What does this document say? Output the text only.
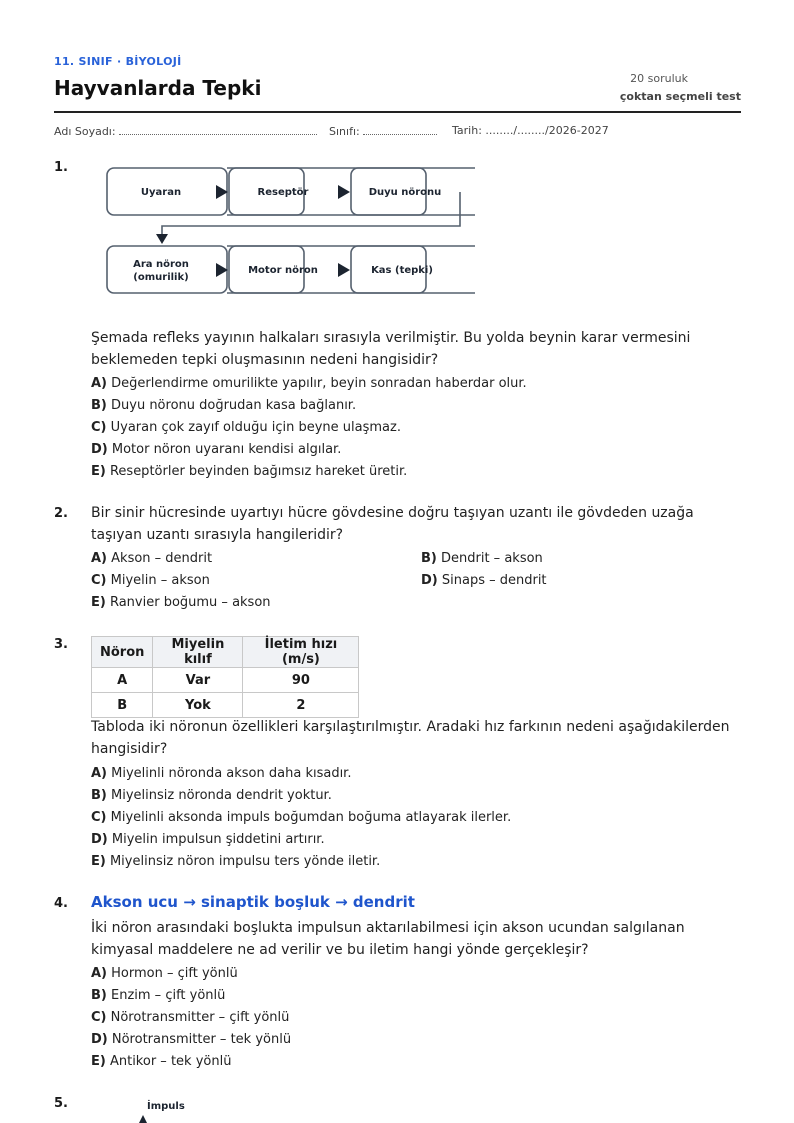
11. SINIF · BİYOLOJİ
Hayvanlarda Tepki	20 soruluk
çoktan seçmeli test
Adı Soyadı:	Sınıfı:	Tarih: ......../......../2026-2027
1.
Uyaran	Reseptör	Duyu nöronu
Ara nöron
(omurilik)
Motor nöron	Kas (tepki)
Şemada refleks yayının halkaları sırasıyla verilmiştir. Bu yolda beynin karar vermesini beklemeden tepki oluşmasının nedeni hangisidir?
A) Değerlendirme omurilikte yapılır, beyin sonradan haberdar olur.
B) Duyu nöronu doğrudan kasa bağlanır.
C) Uyaran çok zayıf olduğu için beyne ulaşmaz.
D) Motor nöron uyaranı kendisi algılar.
E) Reseptörler beyinden bağımsız hareket üretir.
2. Bir sinir hücresinde uyartıyı hücre gövdesine doğru taşıyan uzantı ile gövdeden uzağa taşıyan uzantı sırasıyla hangileridir?
A) Akson – dendrit	B) Dendrit – akson
C) Miyelin – akson	D) Sinaps – dendrit
E) Ranvier boğumu – akson
3. Nöron	Miyelin kılıf	İletim hızı (m/s)
A	Var	90
B	Yok	2
Tabloda iki nöronun özellikleri karşılaştırılmıştır. Aradaki hız farkının nedeni aşağıdakilerden hangisidir?
A) Miyelinli nöronda akson daha kısadır.
B) Miyelinsiz nöronda dendrit yoktur.
C) Miyelinli aksonda impuls boğumdan boğuma atlayarak ilerler.
D) Miyelin impulsun şiddetini artırır.
E) Miyelinsiz nöron impulsu ters yönde iletir.
4. Akson ucu → sinaptik boşluk → dendrit
İki nöron arasındaki boşlukta impulsun aktarılabilmesi için akson ucundan salgılanan kimyasal maddelere ne ad verilir ve bu iletim hangi yönde gerçekleşir?
A) Hormon – çift yönlü
B) Enzim – çift yönlü
C) Nörotransmitter – çift yönlü
D) Nörotransmitter – tek yönlü
E) Antikor – tek yönlü
5.	İmpuls
